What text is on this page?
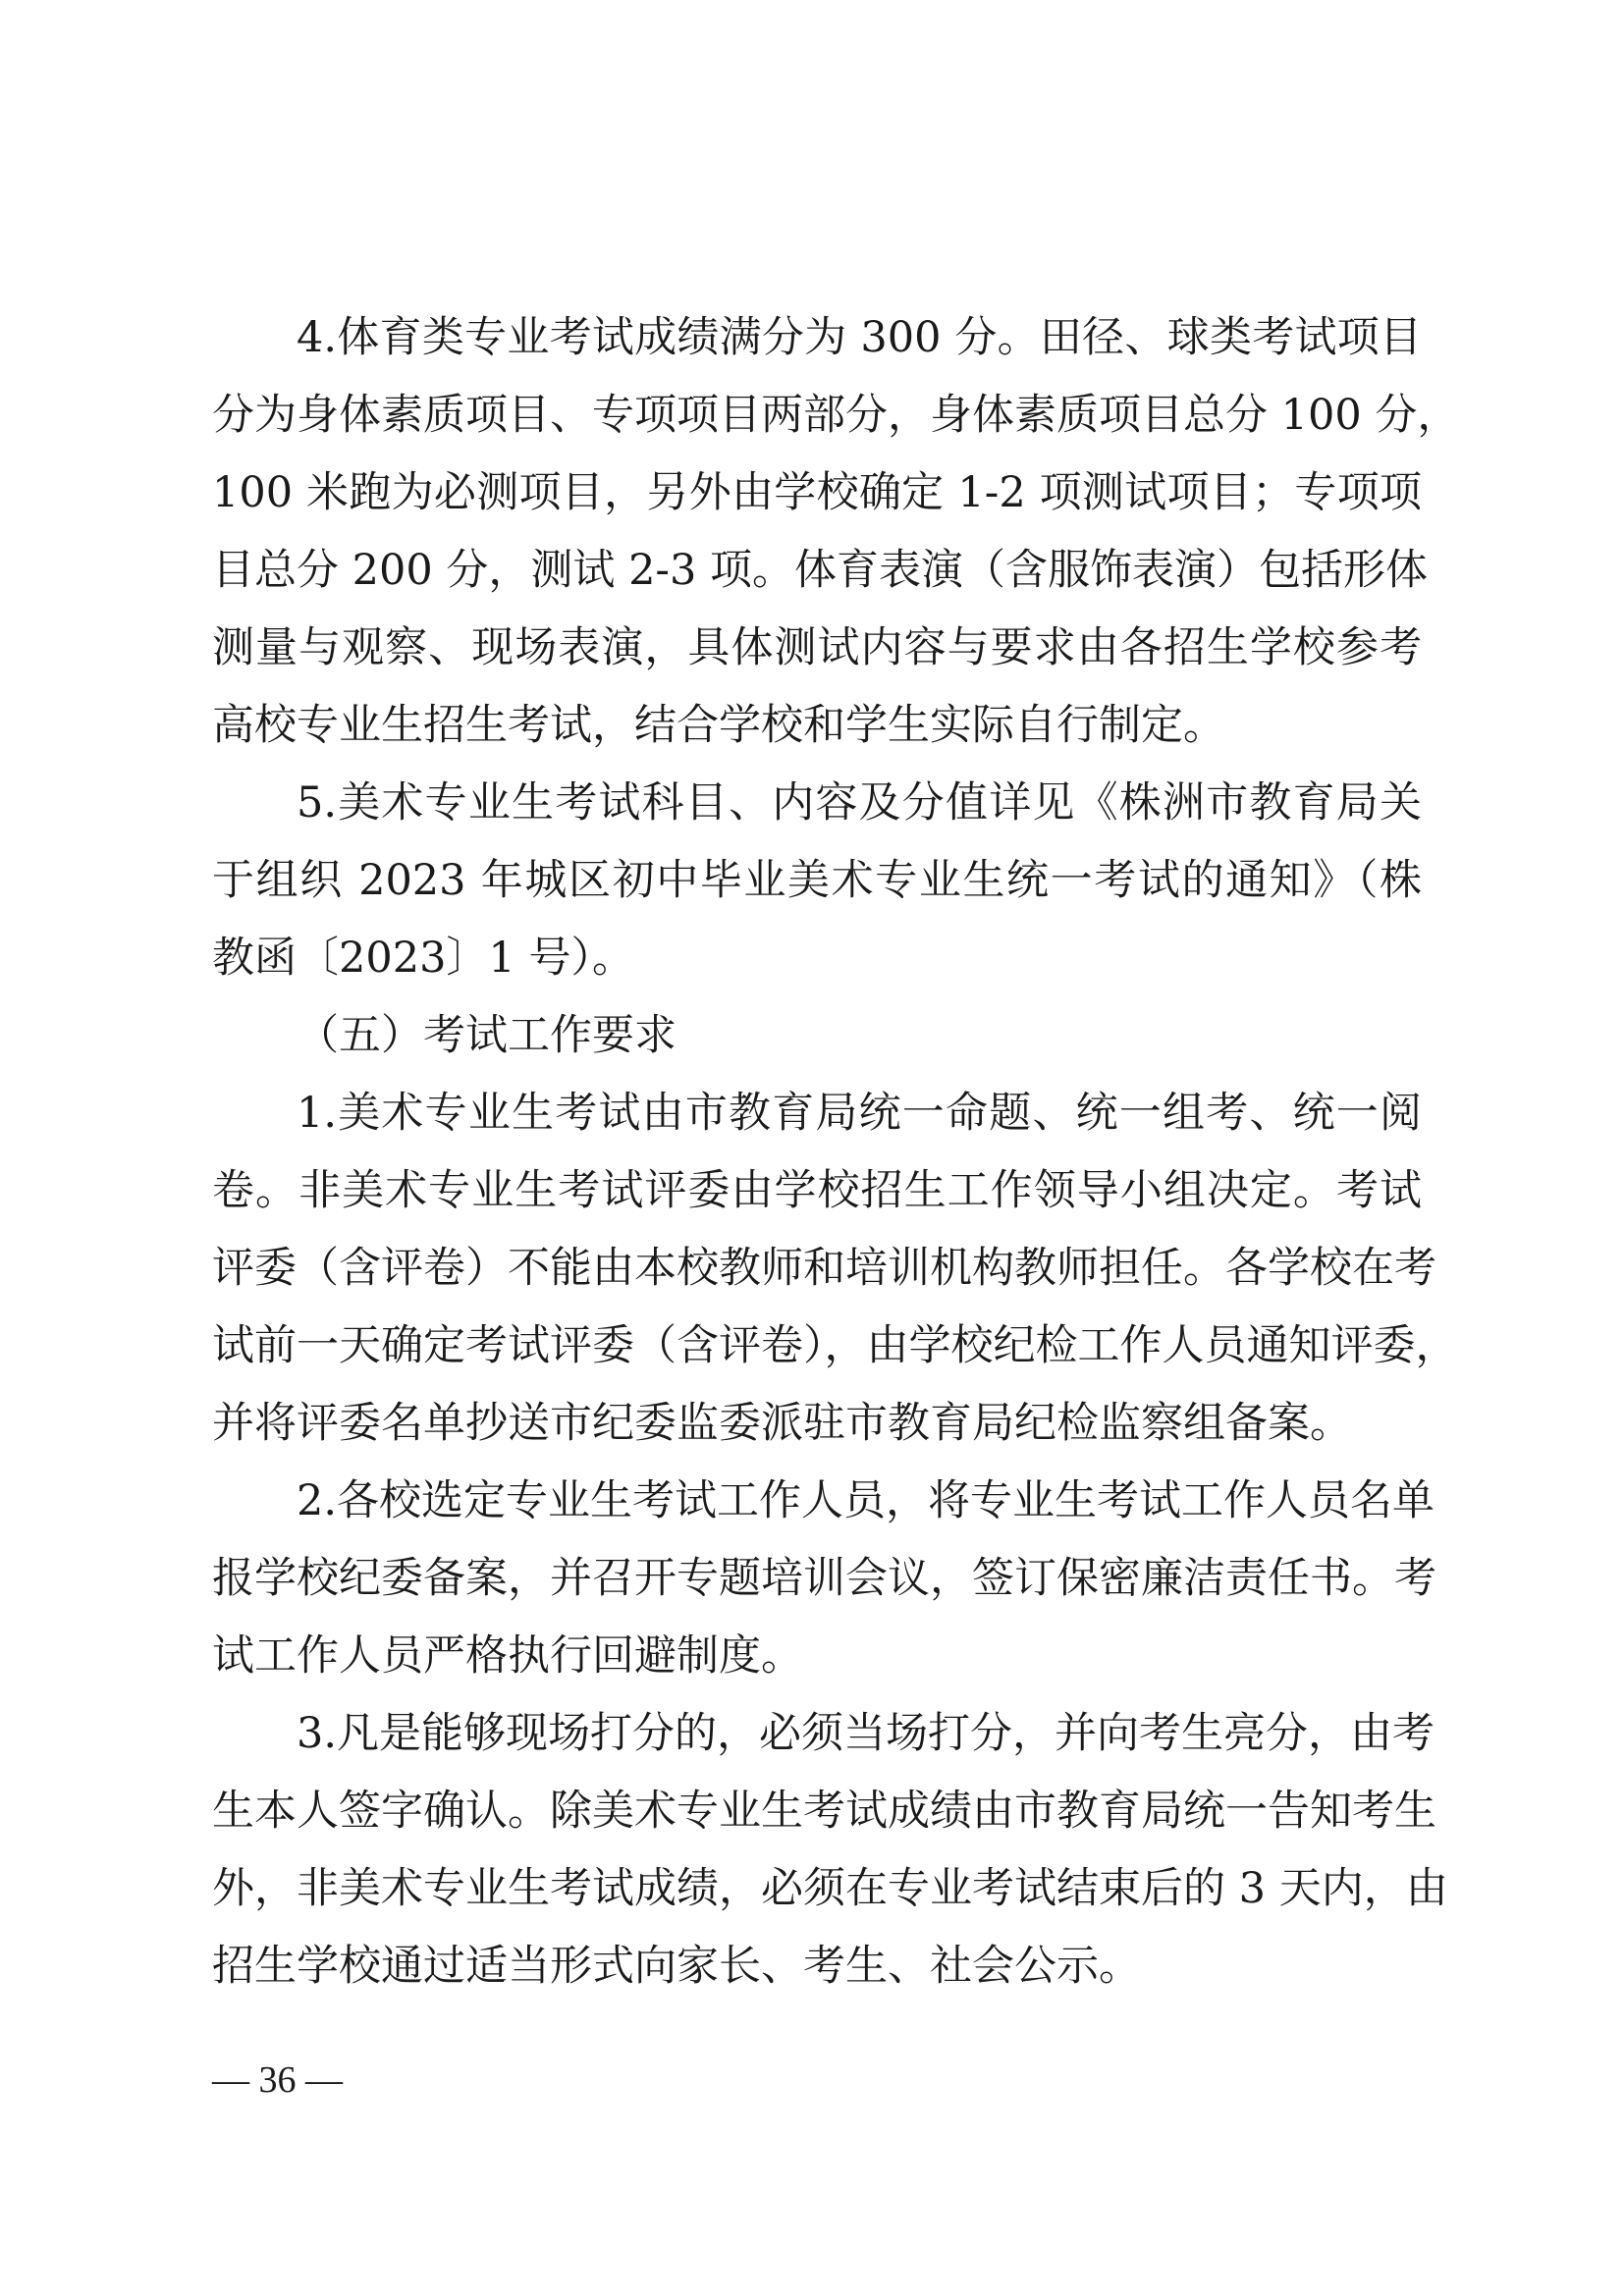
4.体育类专业考试成绩满分为 300 分。田径、球类考试项目
分为身体素质项目、专项项目两部分，身体素质项目总分 100 分，
100 米跑为必测项目，另外由学校确定 1-2 项测试项目；专项项
目总分 200 分，测试 2-3 项。体育表演（含服饰表演）包括形体
测量与观察、现场表演，具体测试内容与要求由各招生学校参考
高校专业生招生考试，结合学校和学生实际自行制定。
5.美术专业生考试科目、内容及分值详见《株洲市教育局关
于组织 2023 年城区初中毕业美术专业生统一考试的通知》（株
教函〔2023〕1 号）。
（五）考试工作要求
1.美术专业生考试由市教育局统一命题、统一组考、统一阅
卷。非美术专业生考试评委由学校招生工作领导小组决定。考试
评委（含评卷）不能由本校教师和培训机构教师担任。各学校在考
试前一天确定考试评委（含评卷），由学校纪检工作人员通知评委，
并将评委名单抄送市纪委监委派驻市教育局纪检监察组备案。
2.各校选定专业生考试工作人员，将专业生考试工作人员名单
报学校纪委备案，并召开专题培训会议，签订保密廉洁责任书。考
试工作人员严格执行回避制度。
3.凡是能够现场打分的，必须当场打分，并向考生亮分，由考
生本人签字确认。除美术专业生考试成绩由市教育局统一告知考生
外，非美术专业生考试成绩，必须在专业考试结束后的 3 天内，由
招生学校通过适当形式向家长、考生、社会公示。
— 36 —
